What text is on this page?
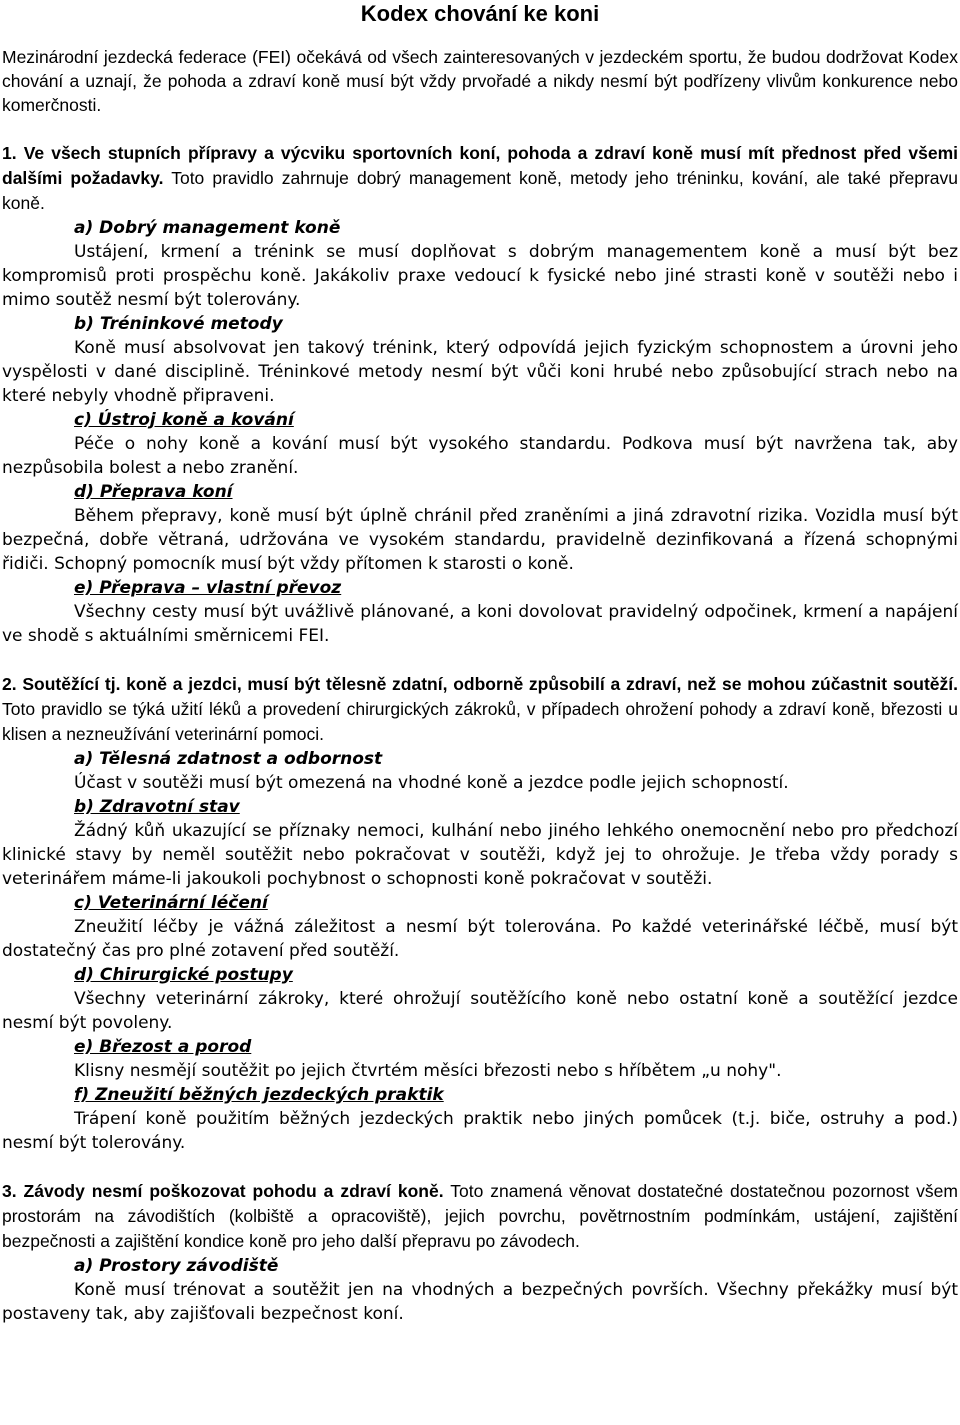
Kodex chování ke koni

Mezinárodní jezdecká federace (FEI) očekává od všech zainteresovaných v jezdeckém sportu, že budou dodržovat Kodex chování a uznají, že pohoda a zdraví koně musí být vždy prvořadé a nikdy nesmí být podřízeny vlivům konkurence nebo komerčnosti.

1. Ve všech stupních přípravy a výcviku sportovních koní, pohoda a zdraví koně musí mít přednost před všemi dalšími požadavky. Toto pravidlo zahrnuje dobrý management koně, metody jeho tréninku, kování, ale také přepravu koně.

a) Dobrý management koně

Ustájení, krmení a trénink se musí doplňovat s dobrým managementem koně a musí být bez kompromisů proti prospěchu koně. Jakákoliv praxe vedoucí k fysické nebo jiné strasti koně v soutěži nebo i mimo soutěž nesmí být tolerovány.

b) Tréninkové metody

Koně musí absolvovat jen takový trénink, který odpovídá jejich fyzickým schopnostem a úrovni jeho vyspělosti v dané disciplině. Tréninkové metody nesmí být vůči koni hrubé nebo způsobující strach nebo na které nebyly vhodně připraveni.

c) Ústroj koně a kování

Péče o nohy koně a kování musí být vysokého standardu. Podkova musí být navržena tak, aby nezpůsobila bolest a nebo zranění.

d) Přeprava koní

Během přepravy, koně musí být úplně chránil před zraněními a jiná zdravotní rizika. Vozidla musí být bezpečná, dobře větraná, udržována ve vysokém standardu, pravidelně dezinfikovaná a řízená schopnými řidiči. Schopný pomocník musí být vždy přítomen k starosti o koně.

e) Přeprava – vlastní převoz

Všechny cesty musí být uvážlivě plánované, a koni dovolovat pravidelný odpočinek, krmení a napájení ve shodě s aktuálními směrnicemi FEI.

2. Soutěžící tj. koně a jezdci, musí být tělesně zdatní, odborně způsobilí a zdraví, než se mohou zúčastnit soutěží. Toto pravidlo se týká užití léků a provedení chirurgických zákroků, v případech ohrožení pohody a zdraví koně, březosti u klisen a nezneužívání veterinární pomoci.

a) Tělesná zdatnost a odbornost

Účast v soutěži musí být omezená na vhodné koně a jezdce podle jejich schopností.

b) Zdravotní stav

Žádný kůň ukazující se příznaky nemoci, kulhání nebo jiného lehkého onemocnění nebo pro předchozí klinické stavy by neměl soutěžit nebo pokračovat v soutěži, když jej to ohrožuje. Je třeba vždy porady s veterinářem máme-li jakoukoli pochybnost o schopnosti koně pokračovat v soutěži.

c) Veterinární léčení

Zneužití léčby je vážná záležitost a nesmí být tolerována. Po každé veterinářské léčbě, musí být dostatečný čas pro plné zotavení před soutěží.

d) Chirurgické postupy

Všechny veterinární zákroky, které ohrožují soutěžícího koně nebo ostatní koně a soutěžící jezdce nesmí být povoleny.

e) Březost a porod

Klisny nesmějí soutěžit po jejich čtvrtém měsíci březosti nebo s hříbětem „u nohy".

f) Zneužití běžných jezdeckých praktik

Trápení koně použitím běžných jezdeckých praktik nebo jiných pomůcek (t.j. biče, ostruhy a pod.) nesmí být tolerovány.

3. Závody nesmí poškozovat pohodu a zdraví koně. Toto znamená věnovat dostatečné dostatečnou pozornost všem prostorám na závodištích (kolbiště a opracoviště), jejich povrchu, povětrnostním podmínkám, ustájení, zajištění bezpečnosti a zajištění kondice koně pro jeho další přepravu po závodech.

a) Prostory závodiště

Koně musí trénovat a soutěžit jen na vhodných a bezpečných površích. Všechny překážky musí být postaveny tak, aby zajišťovali bezpečnost koní.
